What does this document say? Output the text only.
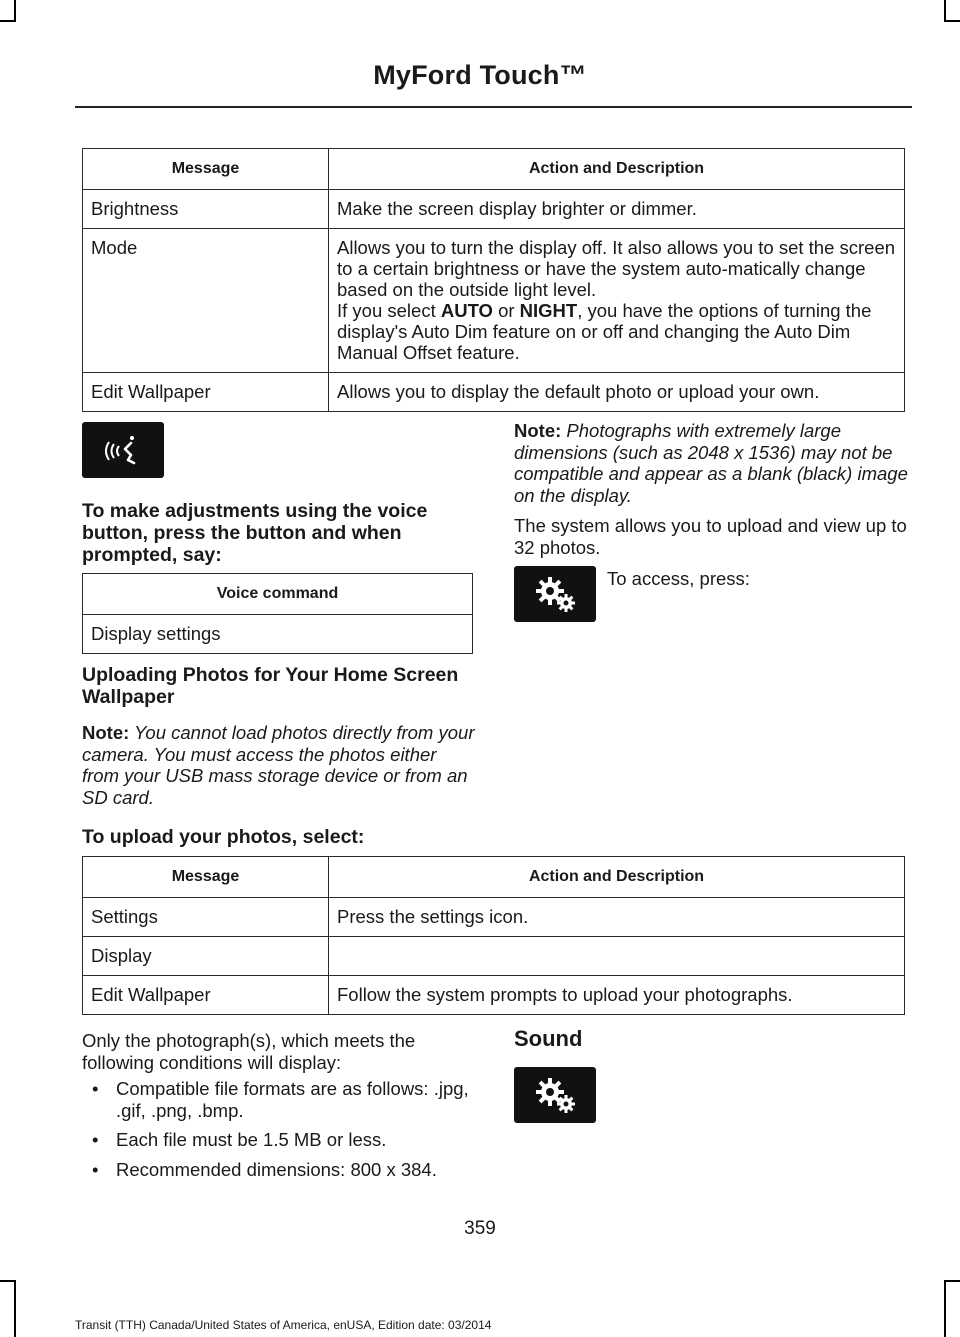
MyFord Touch™
Message	Action and Description
Brightness	Make the screen display brighter or dimmer.
Mode	Allows you to turn the display off. It also allows you to set the screen to a certain brightness or have the system auto-matically change based on the outside light level.
If you select AUTO or NIGHT, you have the options of turning the display's Auto Dim feature on or off and changing the Auto Dim Manual Offset feature.

Edit Wallpaper	Allows you to display the default photo or upload your own.
To make adjustments using the voice button, press the button and when prompted, say:
Voice command
Display settings
Uploading Photos for Your Home Screen Wallpaper

Note: You cannot load photos directly from your camera. You must access the photos either from your USB mass storage device or from an SD card.

Note: Photographs with extremely large dimensions (such as 2048 x 1536) may not be compatible and appear as a blank (black) image on the display.

The system allows you to upload and view up to 32 photos.

To access, press:

To upload your photos, select:
Message	Action and Description
Settings	Press the settings icon.
Display	
Edit Wallpaper	Follow the system prompts to upload your photographs.

Only the photograph(s), which meets the following conditions will display:

• Compatible file formats are as follows: .jpg, .gif, .png, .bmp.
• Each file must be 1.5 MB or less.
• Recommended dimensions: 800 x 384.
Sound
359
Transit (TTH) Canada/United States of America, enUSA, Edition date: 03/2014
